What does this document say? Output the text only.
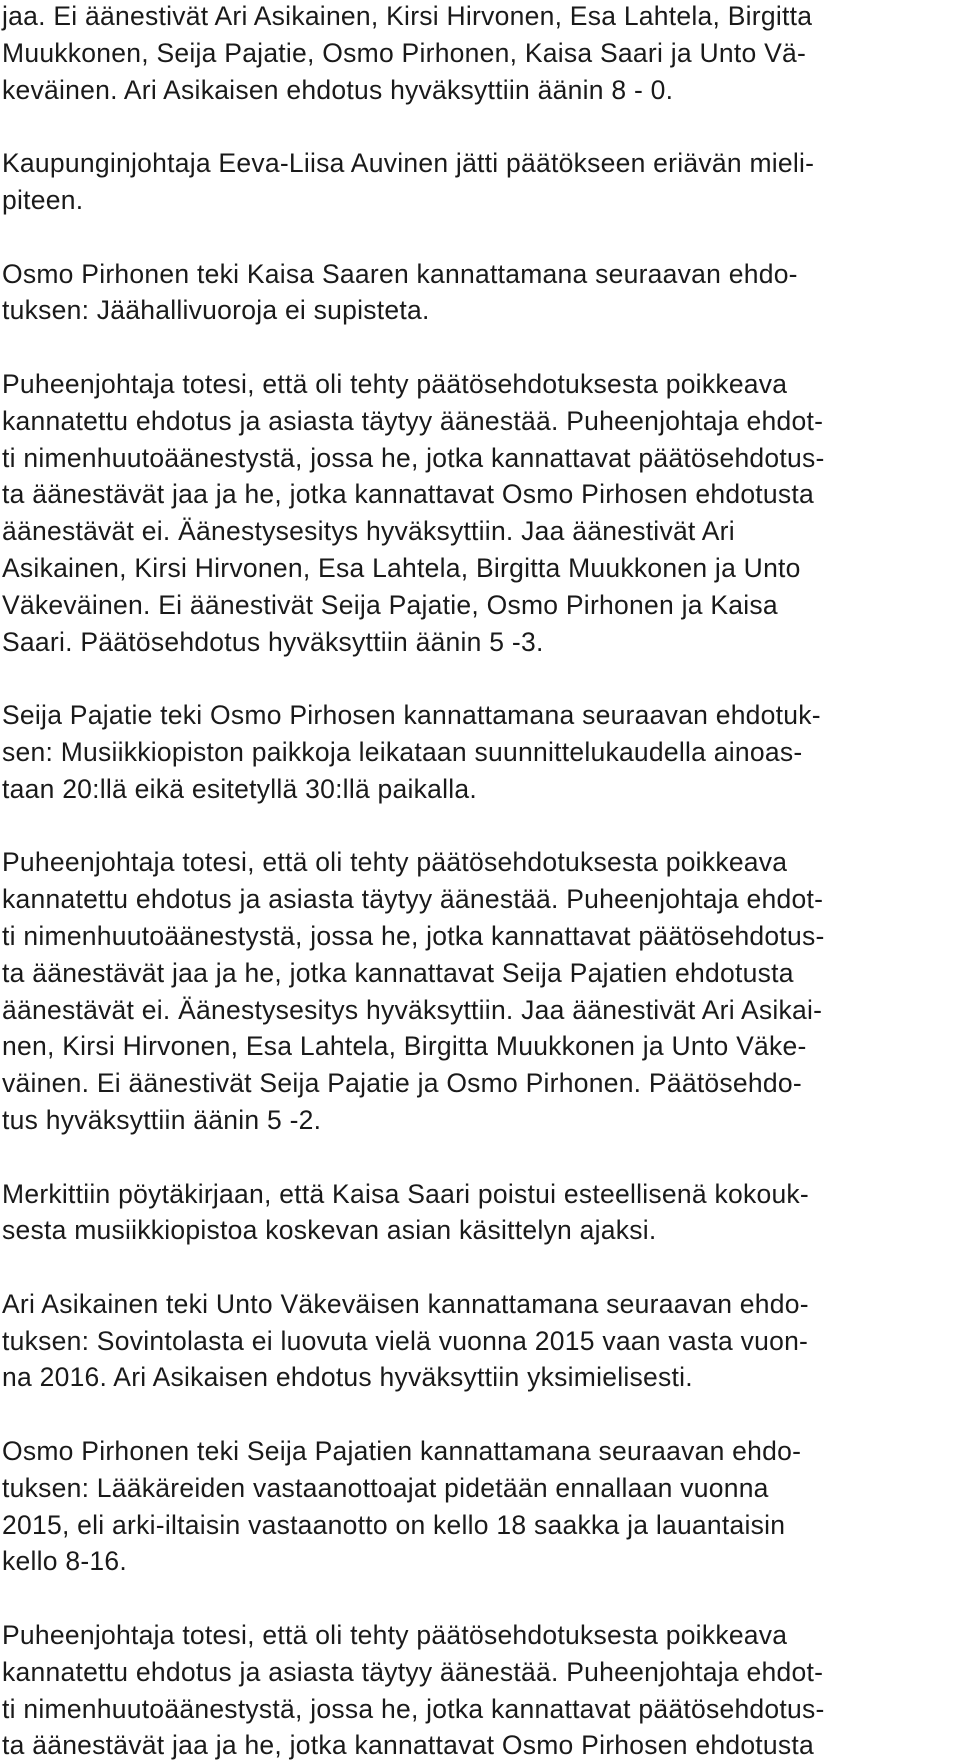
jaa. Ei äänestivät Ari Asikainen, Kirsi Hirvonen, Esa Lahtela, Birgitta
Muukkonen, Seija Pajatie, Osmo Pirhonen, Kaisa Saari ja Unto Vä-
keväinen. Ari Asikaisen ehdotus hyväksyttiin äänin 8 - 0.

Kaupunginjohtaja Eeva-Liisa Auvinen jätti päätökseen eriävän mieli-
piteen.

Osmo Pirhonen teki Kaisa Saaren kannattamana seuraavan ehdo-
tuksen: Jäähallivuoroja ei supisteta.

Puheenjohtaja totesi, että oli tehty päätösehdotuksesta poikkeava
kannatettu ehdotus ja asiasta täytyy äänestää. Puheenjohtaja ehdot-
ti nimenhuutoäänestystä, jossa he, jotka kannattavat päätösehdotus-
ta äänestävät jaa ja he, jotka kannattavat Osmo Pirhosen ehdotusta
äänestävät ei. Äänestysesitys hyväksyttiin. Jaa äänestivät Ari
Asikainen, Kirsi Hirvonen, Esa Lahtela, Birgitta Muukkonen ja Unto
Väkeväinen. Ei äänestivät Seija Pajatie, Osmo Pirhonen ja Kaisa
Saari. Päätösehdotus hyväksyttiin äänin 5 -3.

Seija Pajatie teki Osmo Pirhosen kannattamana seuraavan ehdotuk-
sen: Musiikkiopiston paikkoja leikataan suunnittelukaudella ainoas-
taan 20:llä eikä esitetyllä 30:llä paikalla.

Puheenjohtaja totesi, että oli tehty päätösehdotuksesta poikkeava
kannatettu ehdotus ja asiasta täytyy äänestää. Puheenjohtaja ehdot-
ti nimenhuutoäänestystä, jossa he, jotka kannattavat päätösehdotus-
ta äänestävät jaa ja he, jotka kannattavat Seija Pajatien ehdotusta
äänestävät ei. Äänestysesitys hyväksyttiin. Jaa äänestivät Ari Asikai-
nen, Kirsi Hirvonen, Esa Lahtela, Birgitta Muukkonen ja Unto Väke-
väinen. Ei äänestivät Seija Pajatie ja Osmo Pirhonen. Päätösehdo-
tus hyväksyttiin äänin 5 -2.

Merkittiin pöytäkirjaan, että Kaisa Saari poistui esteellisenä kokouk-
sesta musiikkiopistoa koskevan asian käsittelyn ajaksi.

Ari Asikainen teki Unto Väkeväisen kannattamana seuraavan ehdo-
tuksen: Sovintolasta ei luovuta vielä vuonna 2015 vaan vasta vuon-
na 2016. Ari Asikaisen ehdotus hyväksyttiin yksimielisesti.

Osmo Pirhonen teki Seija Pajatien kannattamana seuraavan ehdo-
tuksen: Lääkäreiden vastaanottoajat pidetään ennallaan vuonna
2015, eli arki-iltaisin vastaanotto on kello 18 saakka ja lauantaisin
kello 8-16.

Puheenjohtaja totesi, että oli tehty päätösehdotuksesta poikkeava
kannatettu ehdotus ja asiasta täytyy äänestää. Puheenjohtaja ehdot-
ti nimenhuutoäänestystä, jossa he, jotka kannattavat päätösehdotus-
ta äänestävät jaa ja he, jotka kannattavat Osmo Pirhosen ehdotusta
